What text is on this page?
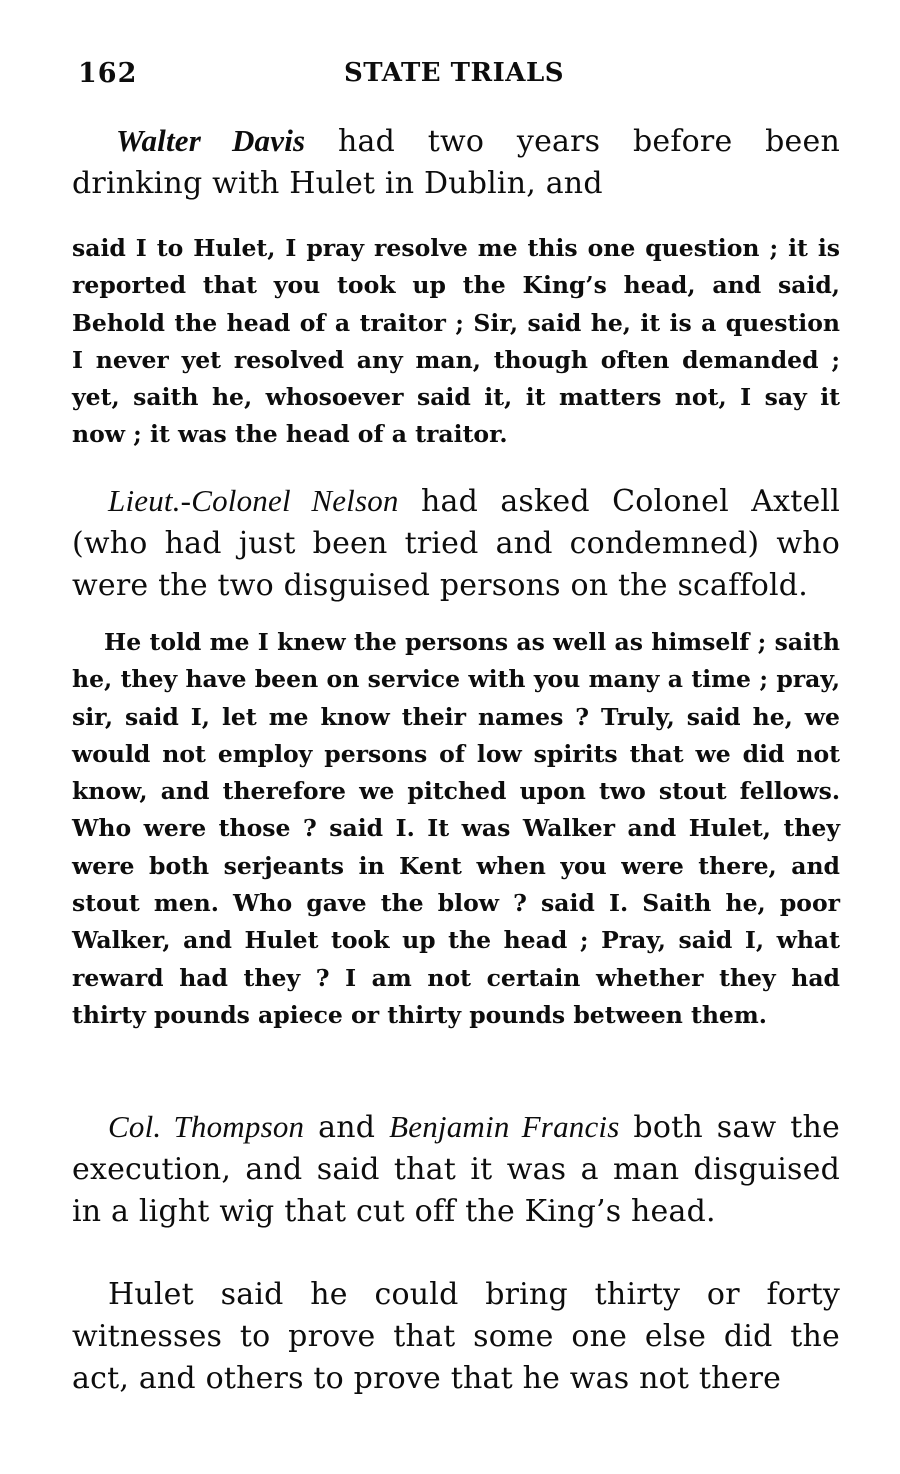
162	STATE TRIALS

Walter Davis had two years before been drinking with Hulet in Dublin, and

said I to Hulet, I pray resolve me this one question ; it is reported that you took up the King’s head, and said, Behold the head of a traitor ; Sir, said he, it is a question I never yet resolved any man, though often demanded ; yet, saith he, whosoever said it, it matters not, I say it now ; it was the head of a traitor.

Lieut.-Colonel Nelson had asked Colonel Axtell (who had just been tried and condemned) who were the two disguised persons on the scaffold.

He told me I knew the persons as well as himself ; saith he, they have been on service with you many a time ; pray, sir, said I, let me know their names ? Truly, said he, we would not employ persons of low spirits that we did not know, and therefore we pitched upon two stout fellows. Who were those ? said I. It was Walker and Hulet, they were both serjeants in Kent when you were there, and stout men. Who gave the blow ? said I. Saith he, poor Walker, and Hulet took up the head ; Pray, said I, what reward had they ? I am not certain whether they had thirty pounds apiece or thirty pounds between them.

Col. Thompson and Benjamin Francis both saw the execution, and said that it was a man disguised in a light wig that cut off the King’s head.

Hulet said he could bring thirty or forty witnesses to prove that some one else did the act, and others to prove that he was not there
